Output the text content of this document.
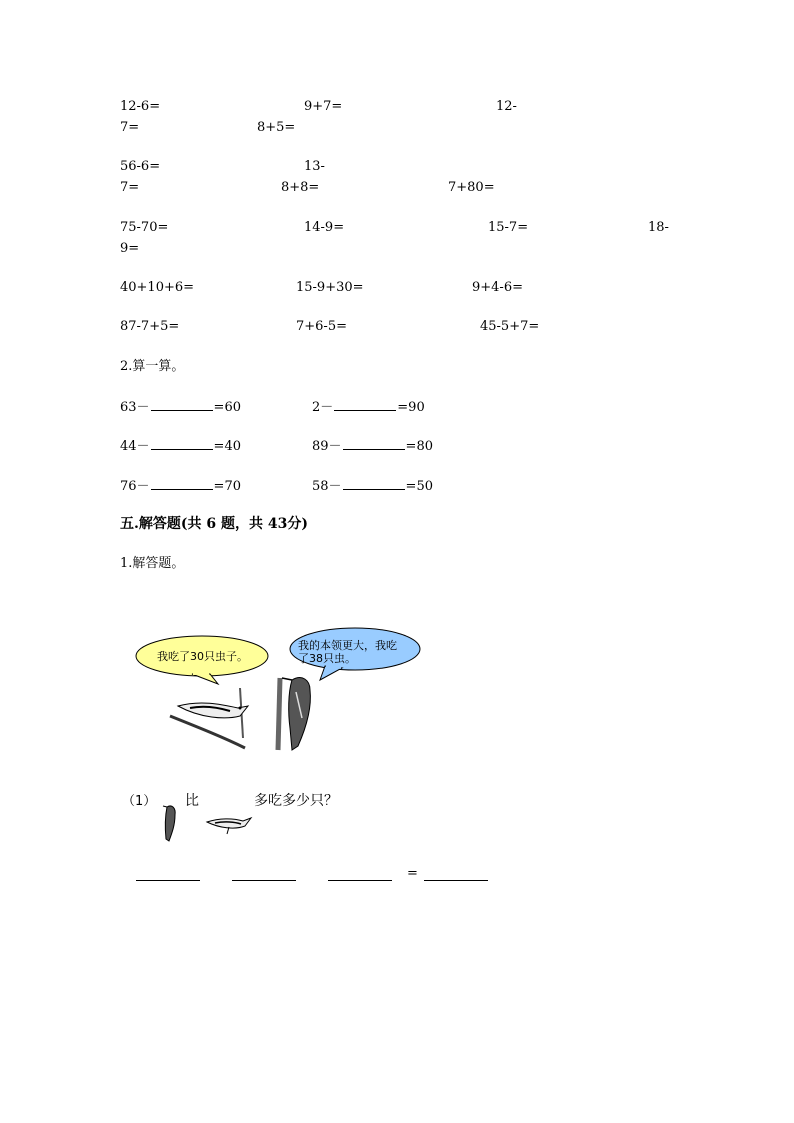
12-6=	9+7=	12-
7=	8+5=
56-6=	13-
7=	8+8=	7+80=
75-70=	14-9=	15-7=	18-
9=
40+10+6=	15-9+30=	9+4-6=
87-7+5=	7+6-5=	45-5+7=
2.算一算。
63－	=60	2－	=90
44－	=40	89－	=80
76－	=70	58－	=50
五.解答题(共 6 题，共 43分)
1.解答题。
我吃了30只虫子。
我的本领更大，我吃
了38只虫。
（1） 比	多吃多少只？
=
